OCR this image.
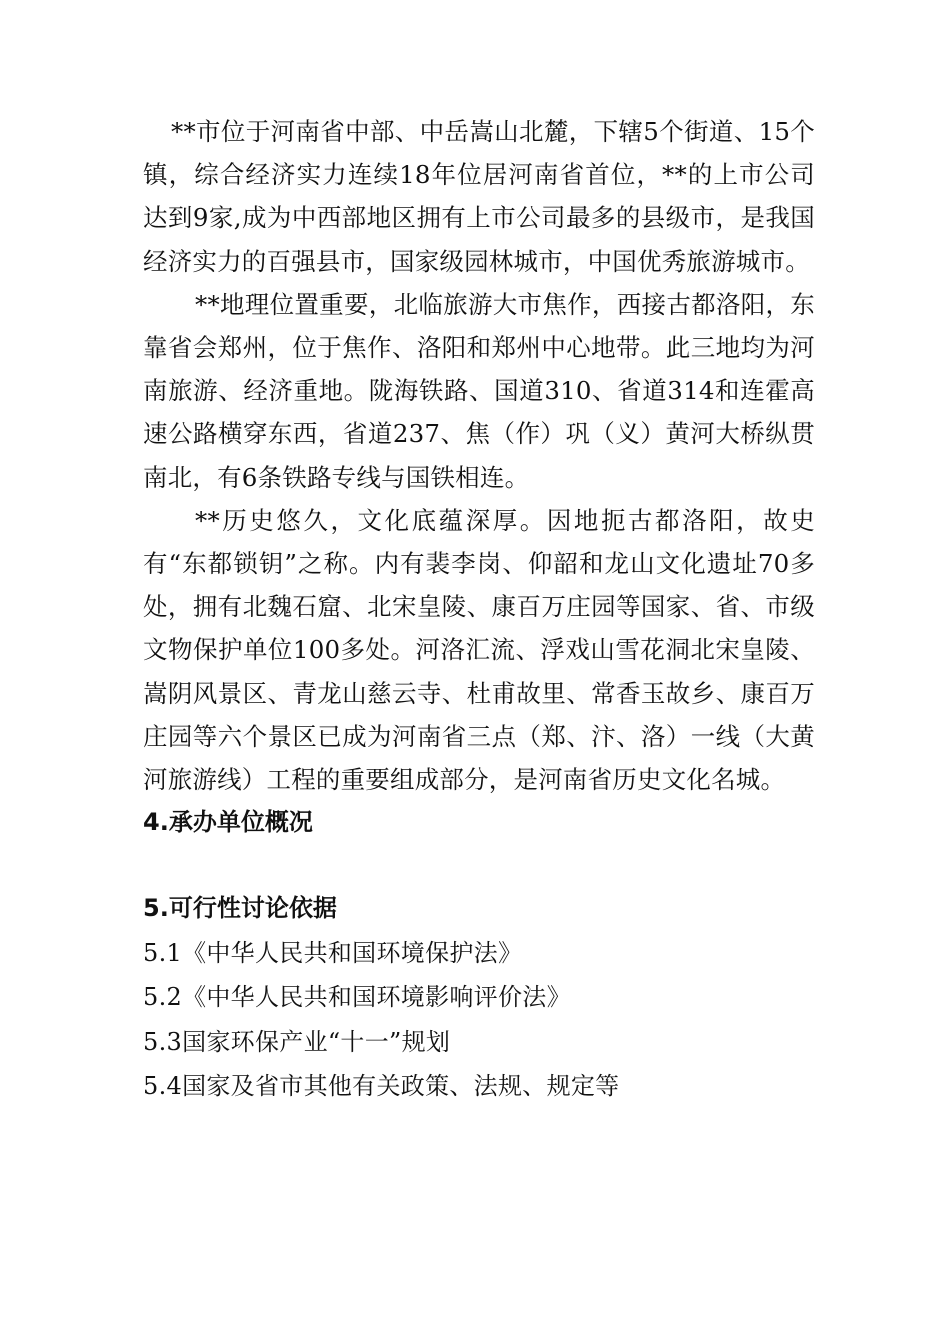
**市位于河南省中部、中岳嵩山北麓，下辖5个街道、15个镇，综合经济实力连续18年位居河南省首位，**的上市公司达到9家,成为中西部地区拥有上市公司最多的县级市，是我国经济实力的百强县市，国家级园林城市，中国优秀旅游城市。

**地理位置重要，北临旅游大市焦作，西接古都洛阳，东靠省会郑州，位于焦作、洛阳和郑州中心地带。此三地均为河南旅游、经济重地。陇海铁路、国道310、省道314和连霍高速公路横穿东西，省道237、焦（作）巩（义）黄河大桥纵贯南北，有6条铁路专线与国铁相连。

**历史悠久，文化底蕴深厚。因地扼古都洛阳，故史有“东都锁钥”之称。内有裴李岗、仰韶和龙山文化遗址70多处，拥有北魏石窟、北宋皇陵、康百万庄园等国家、省、市级文物保护单位100多处。河洛汇流、浮戏山雪花洞北宋皇陵、嵩阴风景区、青龙山慈云寺、杜甫故里、常香玉故乡、康百万庄园等六个景区已成为河南省三点（郑、汴、洛）一线（大黄河旅游线）工程的重要组成部分，是河南省历史文化名城。

4.承办单位概况
5.可行性讨论依据

5.1《中华人民共和国环境保护法》

5.2《中华人民共和国环境影响评价法》

5.3国家环保产业“十一”规划

5.4国家及省市其他有关政策、法规、规定等
